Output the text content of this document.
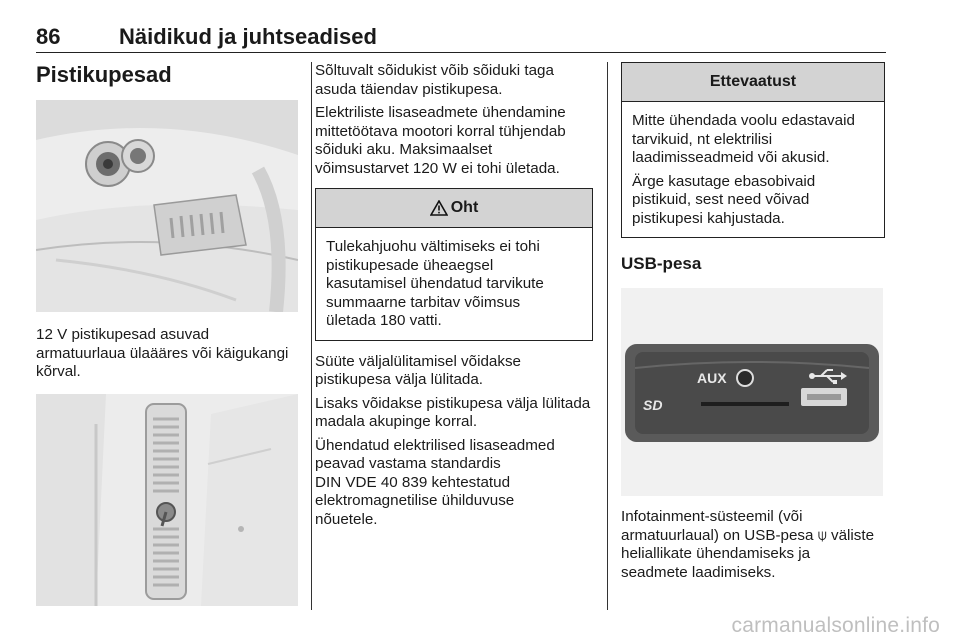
86	Näidikud ja juhtseadised
Pistikupesad

12 V pistikupesad asuvad
armatuurlaua ülaääres või käigukangi kõrval.

Sõltuvalt sõidukist võib sõiduki taga asuda täiendav pistikupesa.

Elektriliste lisaseadmete ühendamine mittetöötava mootori korral tühjendab sõiduki aku. Maksimaalset
võimsustarvet 120 W ei tohi ületada.

Oht

Tulekahjuohu vältimiseks ei tohi pistikupesade üheaegsel
kasutamisel ühendatud tarvikute summaarne tarbitav võimsus
ületada 180 vatti.

Süüte väljalülitamisel võidakse pistikupesa välja lülitada.

Lisaks võidakse pistikupesa välja lülitada madala akupinge korral.

Ühendatud elektrilised lisaseadmed peavad vastama standardis
DIN VDE 40 839 kehtestatud elektromagnetilise ühilduvuse
nõuetele.

Ettevaatust

Mitte ühendada voolu edastavaid tarvikuid, nt elektrilisi
laadimisseadmeid või akusid.

Ärge kasutage ebasobivaid
pistikuid, sest need võivad
pistikupesi kahjustada.

USB-pesa
AUX
SD

Infotainment-süsteemil (või
armatuurlaual) on USB-pesa ⍦ väliste heliallikate ühendamiseks ja
seadmete laadimiseks.

carmanualsonline.info
